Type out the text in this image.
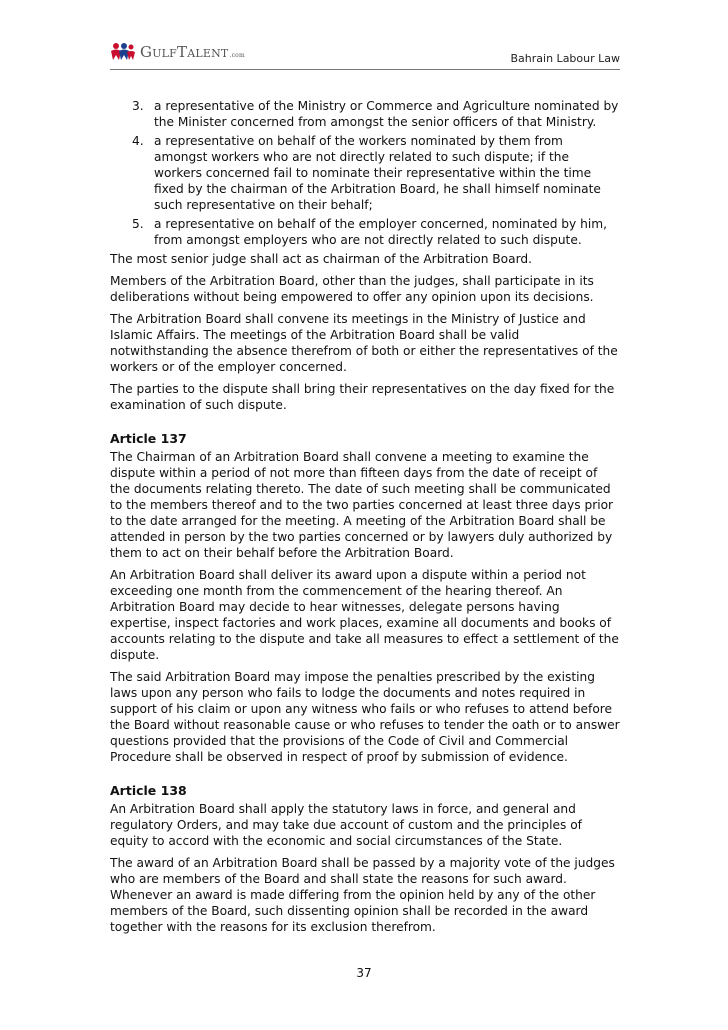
GULFTALENT.com	Bahrain Labour Law
3. a representative of the Ministry or Commerce and Agriculture nominated by the Minister concerned from amongst the senior officers of that Ministry.
4. a representative on behalf of the workers nominated by them from amongst workers who are not directly related to such dispute; if the workers concerned fail to nominate their representative within the time fixed by the chairman of the Arbitration Board, he shall himself nominate such representative on their behalf;
5. a representative on behalf of the employer concerned, nominated by him, from amongst employers who are not directly related to such dispute.

The most senior judge shall act as chairman of the Arbitration Board.

Members of the Arbitration Board, other than the judges, shall participate in its deliberations without being empowered to offer any opinion upon its decisions.

The Arbitration Board shall convene its meetings in the Ministry of Justice and Islamic Affairs. The meetings of the Arbitration Board shall be valid notwithstanding the absence therefrom of both or either the representatives of the workers or of the employer concerned.

The parties to the dispute shall bring their representatives on the day fixed for the examination of such dispute.

Article 137

The Chairman of an Arbitration Board shall convene a meeting to examine the dispute within a period of not more than fifteen days from the date of receipt of the documents relating thereto. The date of such meeting shall be communicated to the members thereof and to the two parties concerned at least three days prior to the date arranged for the meeting. A meeting of the Arbitration Board shall be attended in person by the two parties concerned or by lawyers duly authorized by them to act on their behalf before the Arbitration Board.

An Arbitration Board shall deliver its award upon a dispute within a period not exceeding one month from the commencement of the hearing thereof. An Arbitration Board may decide to hear witnesses, delegate persons having expertise, inspect factories and work places, examine all documents and books of accounts relating to the dispute and take all measures to effect a settlement of the dispute.

The said Arbitration Board may impose the penalties prescribed by the existing laws upon any person who fails to lodge the documents and notes required in support of his claim or upon any witness who fails or who refuses to attend before the Board without reasonable cause or who refuses to tender the oath or to answer questions provided that the provisions of the Code of Civil and Commercial Procedure shall be observed in respect of proof by submission of evidence.

Article 138

An Arbitration Board shall apply the statutory laws in force, and general and regulatory Orders, and may take due account of custom and the principles of equity to accord with the economic and social circumstances of the State.

The award of an Arbitration Board shall be passed by a majority vote of the judges who are members of the Board and shall state the reasons for such award. Whenever an award is made differing from the opinion held by any of the other members of the Board, such dissenting opinion shall be recorded in the award together with the reasons for its exclusion therefrom.

37
